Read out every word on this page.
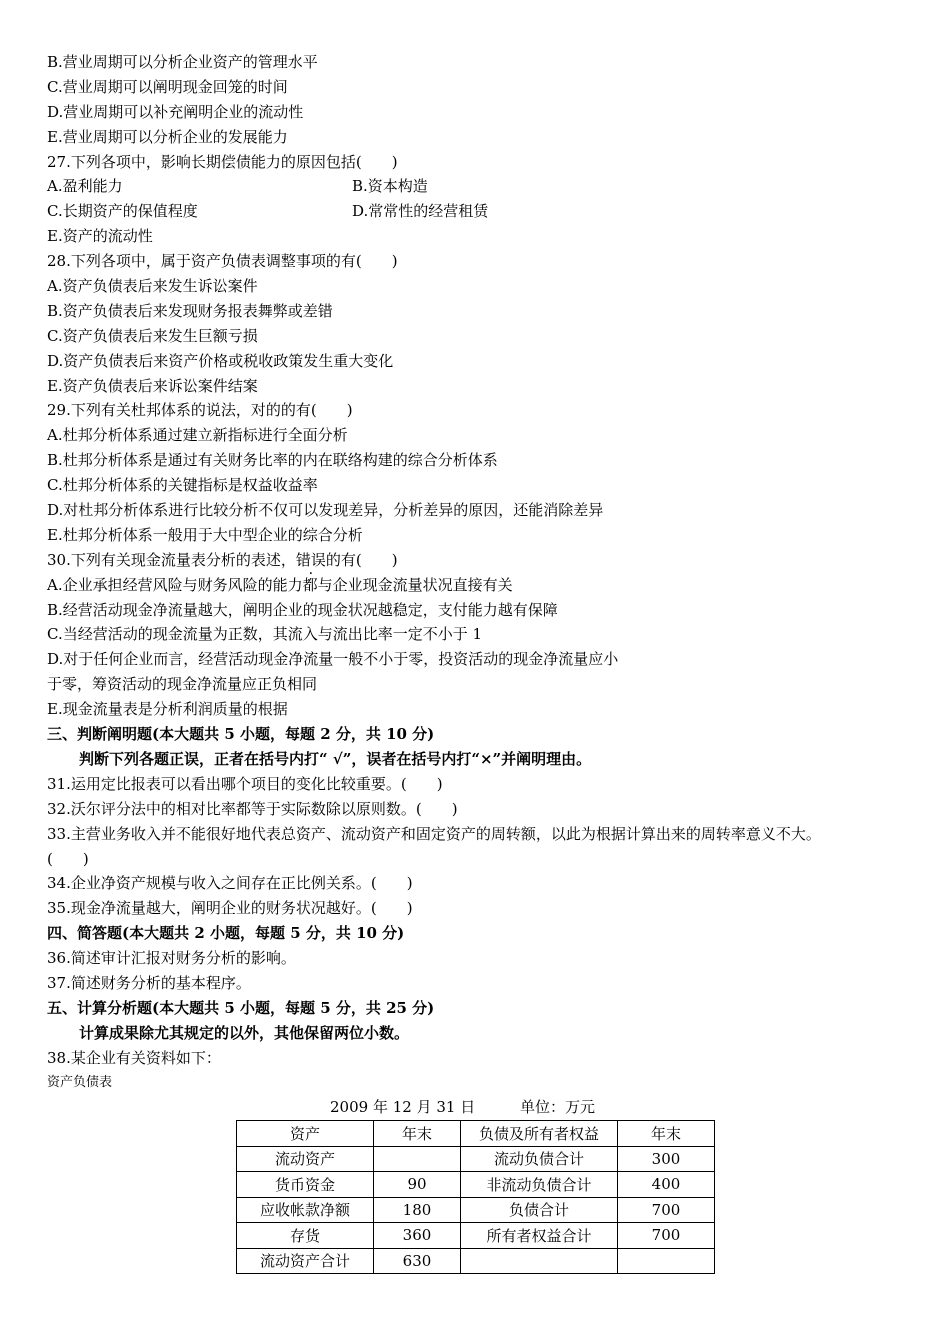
B.营业周期可以分析企业资产的管理水平
C.营业周期可以阐明现金回笼的时间
D.营业周期可以补充阐明企业的流动性
E.营业周期可以分析企业的发展能力
27.下列各项中，影响长期偿债能力的原因包括(　　)
A.盈利能力	B.资本构造
C.长期资产的保值程度	D.常常性的经营租赁
E.资产的流动性
28.下列各项中，属于资产负债表调整事项的有(　　)
A.资产负债表后来发生诉讼案件
B.资产负债表后来发现财务报表舞弊或差错
C.资产负债表后来发生巨额亏损
D.资产负债表后来资产价格或税收政策发生重大变化
E.资产负债表后来诉讼案件结案
29.下列有关杜邦体系的说法，对的的有(　　)
A.杜邦分析体系通过建立新指标进行全面分析
B.杜邦分析体系是通过有关财务比率的内在联络构建的综合分析体系
C.杜邦分析体系的关键指标是权益收益率
D.对杜邦分析体系进行比较分析不仅可以发现差异，分析差异的原因，还能消除差异
E.杜邦分析体系一般用于大中型企业的综合分析
30.下列有关现金流量表分析的表述，错误的有(　　)
A.企业承担经营风险与财务风险的能力都与企业现金流量状况直接有关
B.经营活动现金净流量越大，阐明企业的现金状况越稳定，支付能力越有保障
C.当经营活动的现金流量为正数，其流入与流出比率一定不小于 1
D.对于任何企业而言，经营活动现金净流量一般不小于零，投资活动的现金净流量应小
于零，筹资活动的现金净流量应正负相同
E.现金流量表是分析利润质量的根据
三、判断阐明题(本大题共 5 小题，每题 2 分，共 10 分)
判断下列各题正误，正者在括号内打“ √”，误者在括号内打“×”并阐明理由。
31.运用定比报表可以看出哪个项目的变化比较重要。(　　)
32.沃尔评分法中的相对比率都等于实际数除以原则数。(　　)
33.主营业务收入并不能很好地代表总资产、流动资产和固定资产的周转额，以此为根据计算出来的周转率意义不大。
(　　)
34.企业净资产规模与收入之间存在正比例关系。(　　)
35.现金净流量越大，阐明企业的财务状况越好。(　　)
四、简答题(本大题共 2 小题，每题 5 分，共 10 分)
36.简述审计汇报对财务分析的影响。
37.简述财务分析的基本程序。
五、计算分析题(本大题共 5 小题，每题 5 分，共 25 分)
计算成果除尤其规定的以外，其他保留两位小数。
38.某企业有关资料如下：
资产负债表
2009 年 12 月 31 日	单位：万元
资产	年末	负债及所有者权益	年末
流动资产		流动负债合计	300
货币资金	90	非流动负债合计	400
应收帐款净额	180	负债合计	700
存货	360	所有者权益合计	700
流动资产合计	630		
